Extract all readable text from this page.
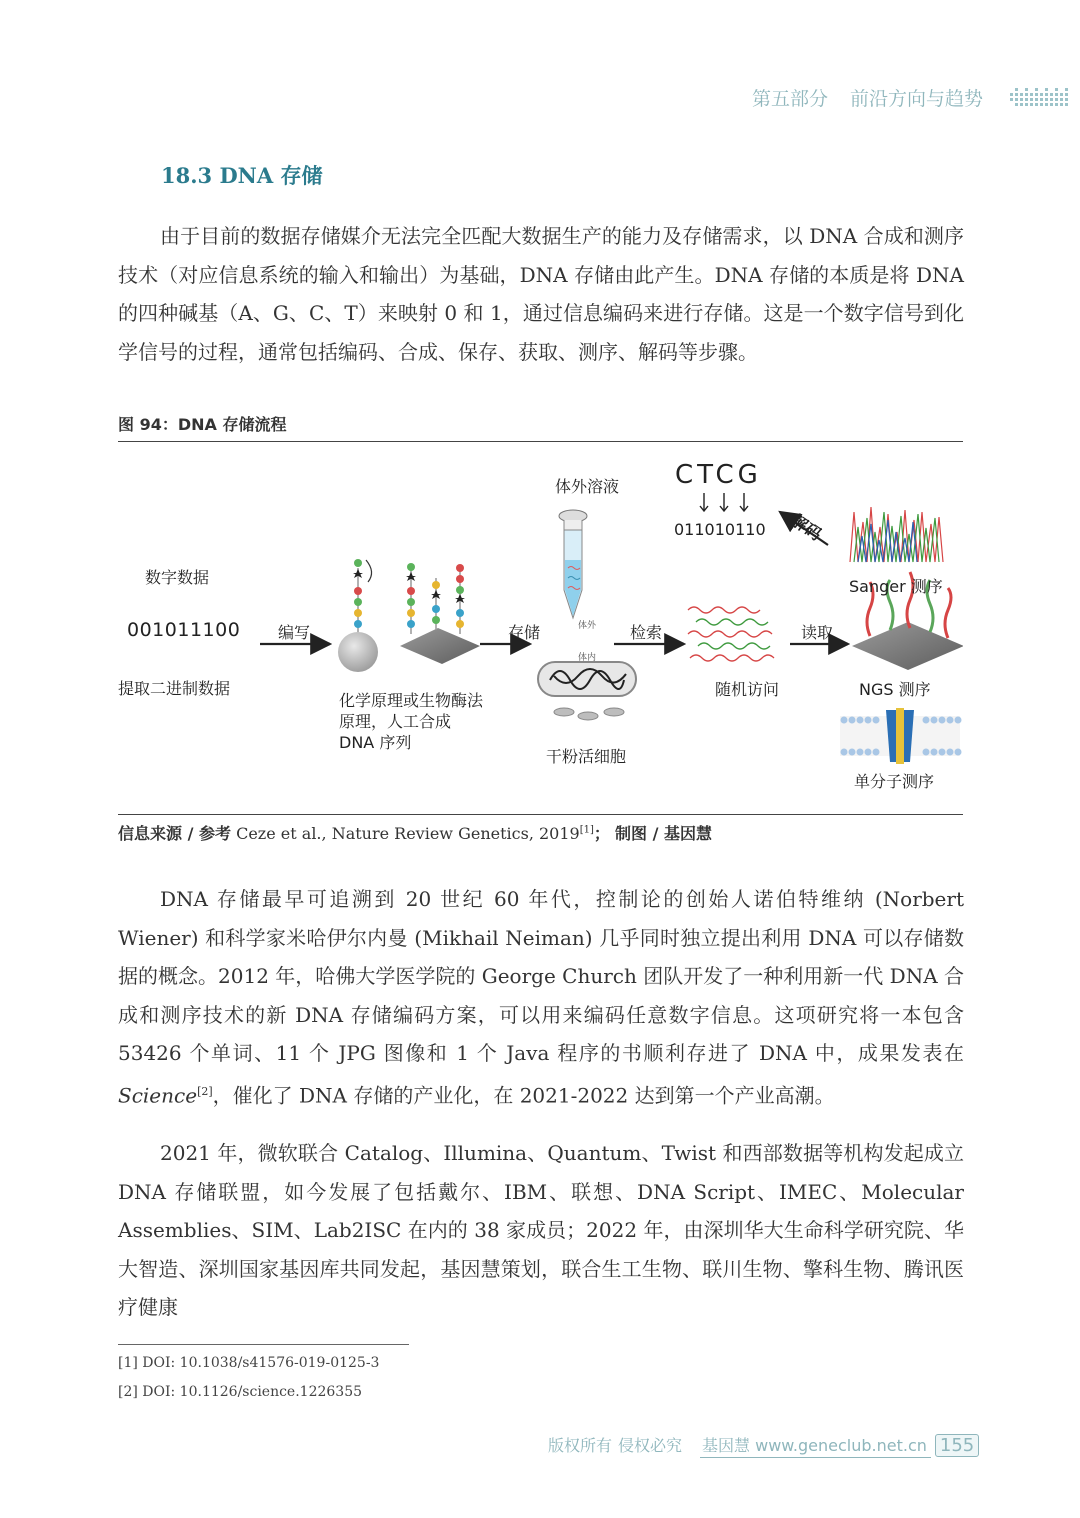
第五部分 前沿方向与趋势
18.3 DNA 存储

由于目前的数据存储媒介无法完全匹配大数据生产的能力及存储需求，以 DNA 合成和测序技术（对应信息系统的输入和输出）为基础，DNA 存储由此产生。DNA 存储的本质是将 DNA 的四种碱基（A、G、C、T）来映射 0 和 1，通过信息编码来进行存储。这是一个数字信号到化学信号的过程，通常包括编码、合成、保存、获取、测序、解码等步骤。

图 94：DNA 存储流程
数字数据
001011100
提取二进制数据
编写
化学原理或生物酶法原理，人工合成 DNA 序列
存储
体外溶液
体外
体内
干粉活细胞
检索
随机访问
读取
NGS 测序
Sanger 测序
单分子测序
解码
CTCG
011010110
信息来源 / 参考 Ceze et al., Nature Review Genetics, 2019[1]； 制图 / 基因慧

DNA 存储最早可追溯到 20 世纪 60 年代，控制论的创始人诺伯特维纳 (Norbert Wiener) 和科学家米哈伊尔内曼 (Mikhail Neiman) 几乎同时独立提出利用 DNA 可以存储数据的概念。2012 年，哈佛大学医学院的 George Church 团队开发了一种利用新一代 DNA 合成和测序技术的新 DNA 存储编码方案，可以用来编码任意数字信息。这项研究将一本包含 53426 个单词、11 个 JPG 图像和 1 个 Java 程序的书顺利存进了 DNA 中，成果发表在Science[2]，催化了 DNA 存储的产业化，在 2021-2022 达到第一个产业高潮。

2021 年，微软联合 Catalog、Illumina、Quantum、Twist 和西部数据等机构发起成立 DNA 存储联盟，如今发展了包括戴尔、IBM、联想、DNA Script、IMEC、Molecular Assemblies、SIM、Lab2ISC 在内的 38 家成员；2022 年，由深圳华大生命科学研究院、华大智造、深圳国家基因库共同发起，基因慧策划，联合生工生物、联川生物、擎科生物、腾讯医疗健康

[1] DOI: 10.1038/s41576-019-0125-3
[2] DOI: 10.1126/science.1226355
版权所有 侵权必究 基因慧 www.geneclub.net.cn 155
